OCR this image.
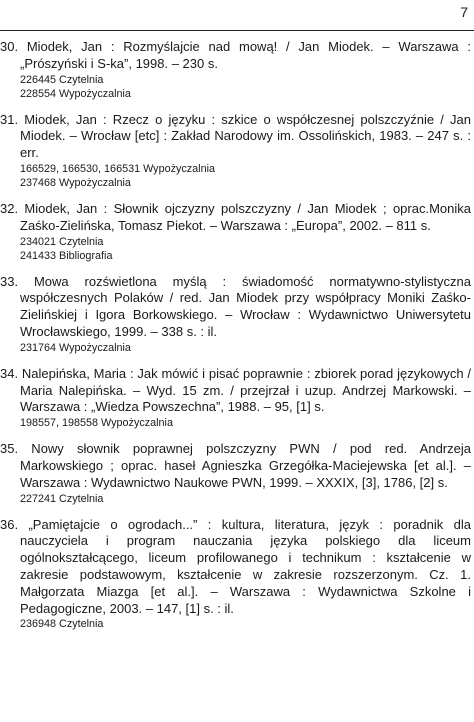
7
30. Miodek, Jan : Rozmyślajcie nad mową! / Jan Miodek. – Warszawa : „Prószyński i S-ka”, 1998. – 230 s.
226445 Czytelnia
228554 Wypożyczalnia
31. Miodek, Jan : Rzecz o języku : szkice o współczesnej polszczyźnie / Jan Miodek. – Wrocław [etc] : Zakład Narodowy im. Ossolińskich, 1983. – 247 s. : err.
166529, 166530, 166531 Wypożyczalnia
237468 Wypożyczalnia
32. Miodek, Jan : Słownik ojczyzny polszczyzny / Jan Miodek ; oprac.Monika Zaśko-Zielińska, Tomasz Piekot. – Warszawa : „Europa”, 2002. – 811 s.
234021 Czytelnia
241433 Bibliografia
33. Mowa rozświetlona myślą : świadomość normatywno-stylistyczna współczesnych Polaków / red. Jan Miodek przy współpracy Moniki Zaśko-Zielińskiej i Igora Borkowskiego. – Wrocław : Wydawnictwo Uniwersytetu Wrocławskiego, 1999. – 338 s. : il.
231764 Wypożyczalnia
34. Nalepińska, Maria : Jak mówić i pisać poprawnie : zbiorek porad językowych / Maria Nalepińska. – Wyd. 15 zm. / przejrzał i uzup. Andrzej Markowski. – Warszawa : „Wiedza Powszechna”, 1988. – 95, [1] s.
198557, 198558 Wypożyczalnia
35. Nowy słownik poprawnej polszczyzny PWN / pod red. Andrzeja Markowskiego ; oprac. haseł Agnieszka Grzegółka-Maciejewska [et al.]. – Warszawa : Wydawnictwo Naukowe PWN, 1999. – XXXIX, [3], 1786, [2] s.
227241 Czytelnia
36. „Pamiętajcie o ogrodach...” : kultura, literatura, język : poradnik dla nauczyciela i program nauczania języka polskiego dla liceum ogólnokształcącego, liceum profilowanego i technikum : kształcenie w zakresie podstawowym, kształcenie w zakresie rozszerzonym. Cz. 1. Małgorzata Miazga [et al.]. – Warszawa : Wydawnictwa Szkolne i Pedagogiczne, 2003. – 147, [1] s. : il.
236948 Czytelnia
